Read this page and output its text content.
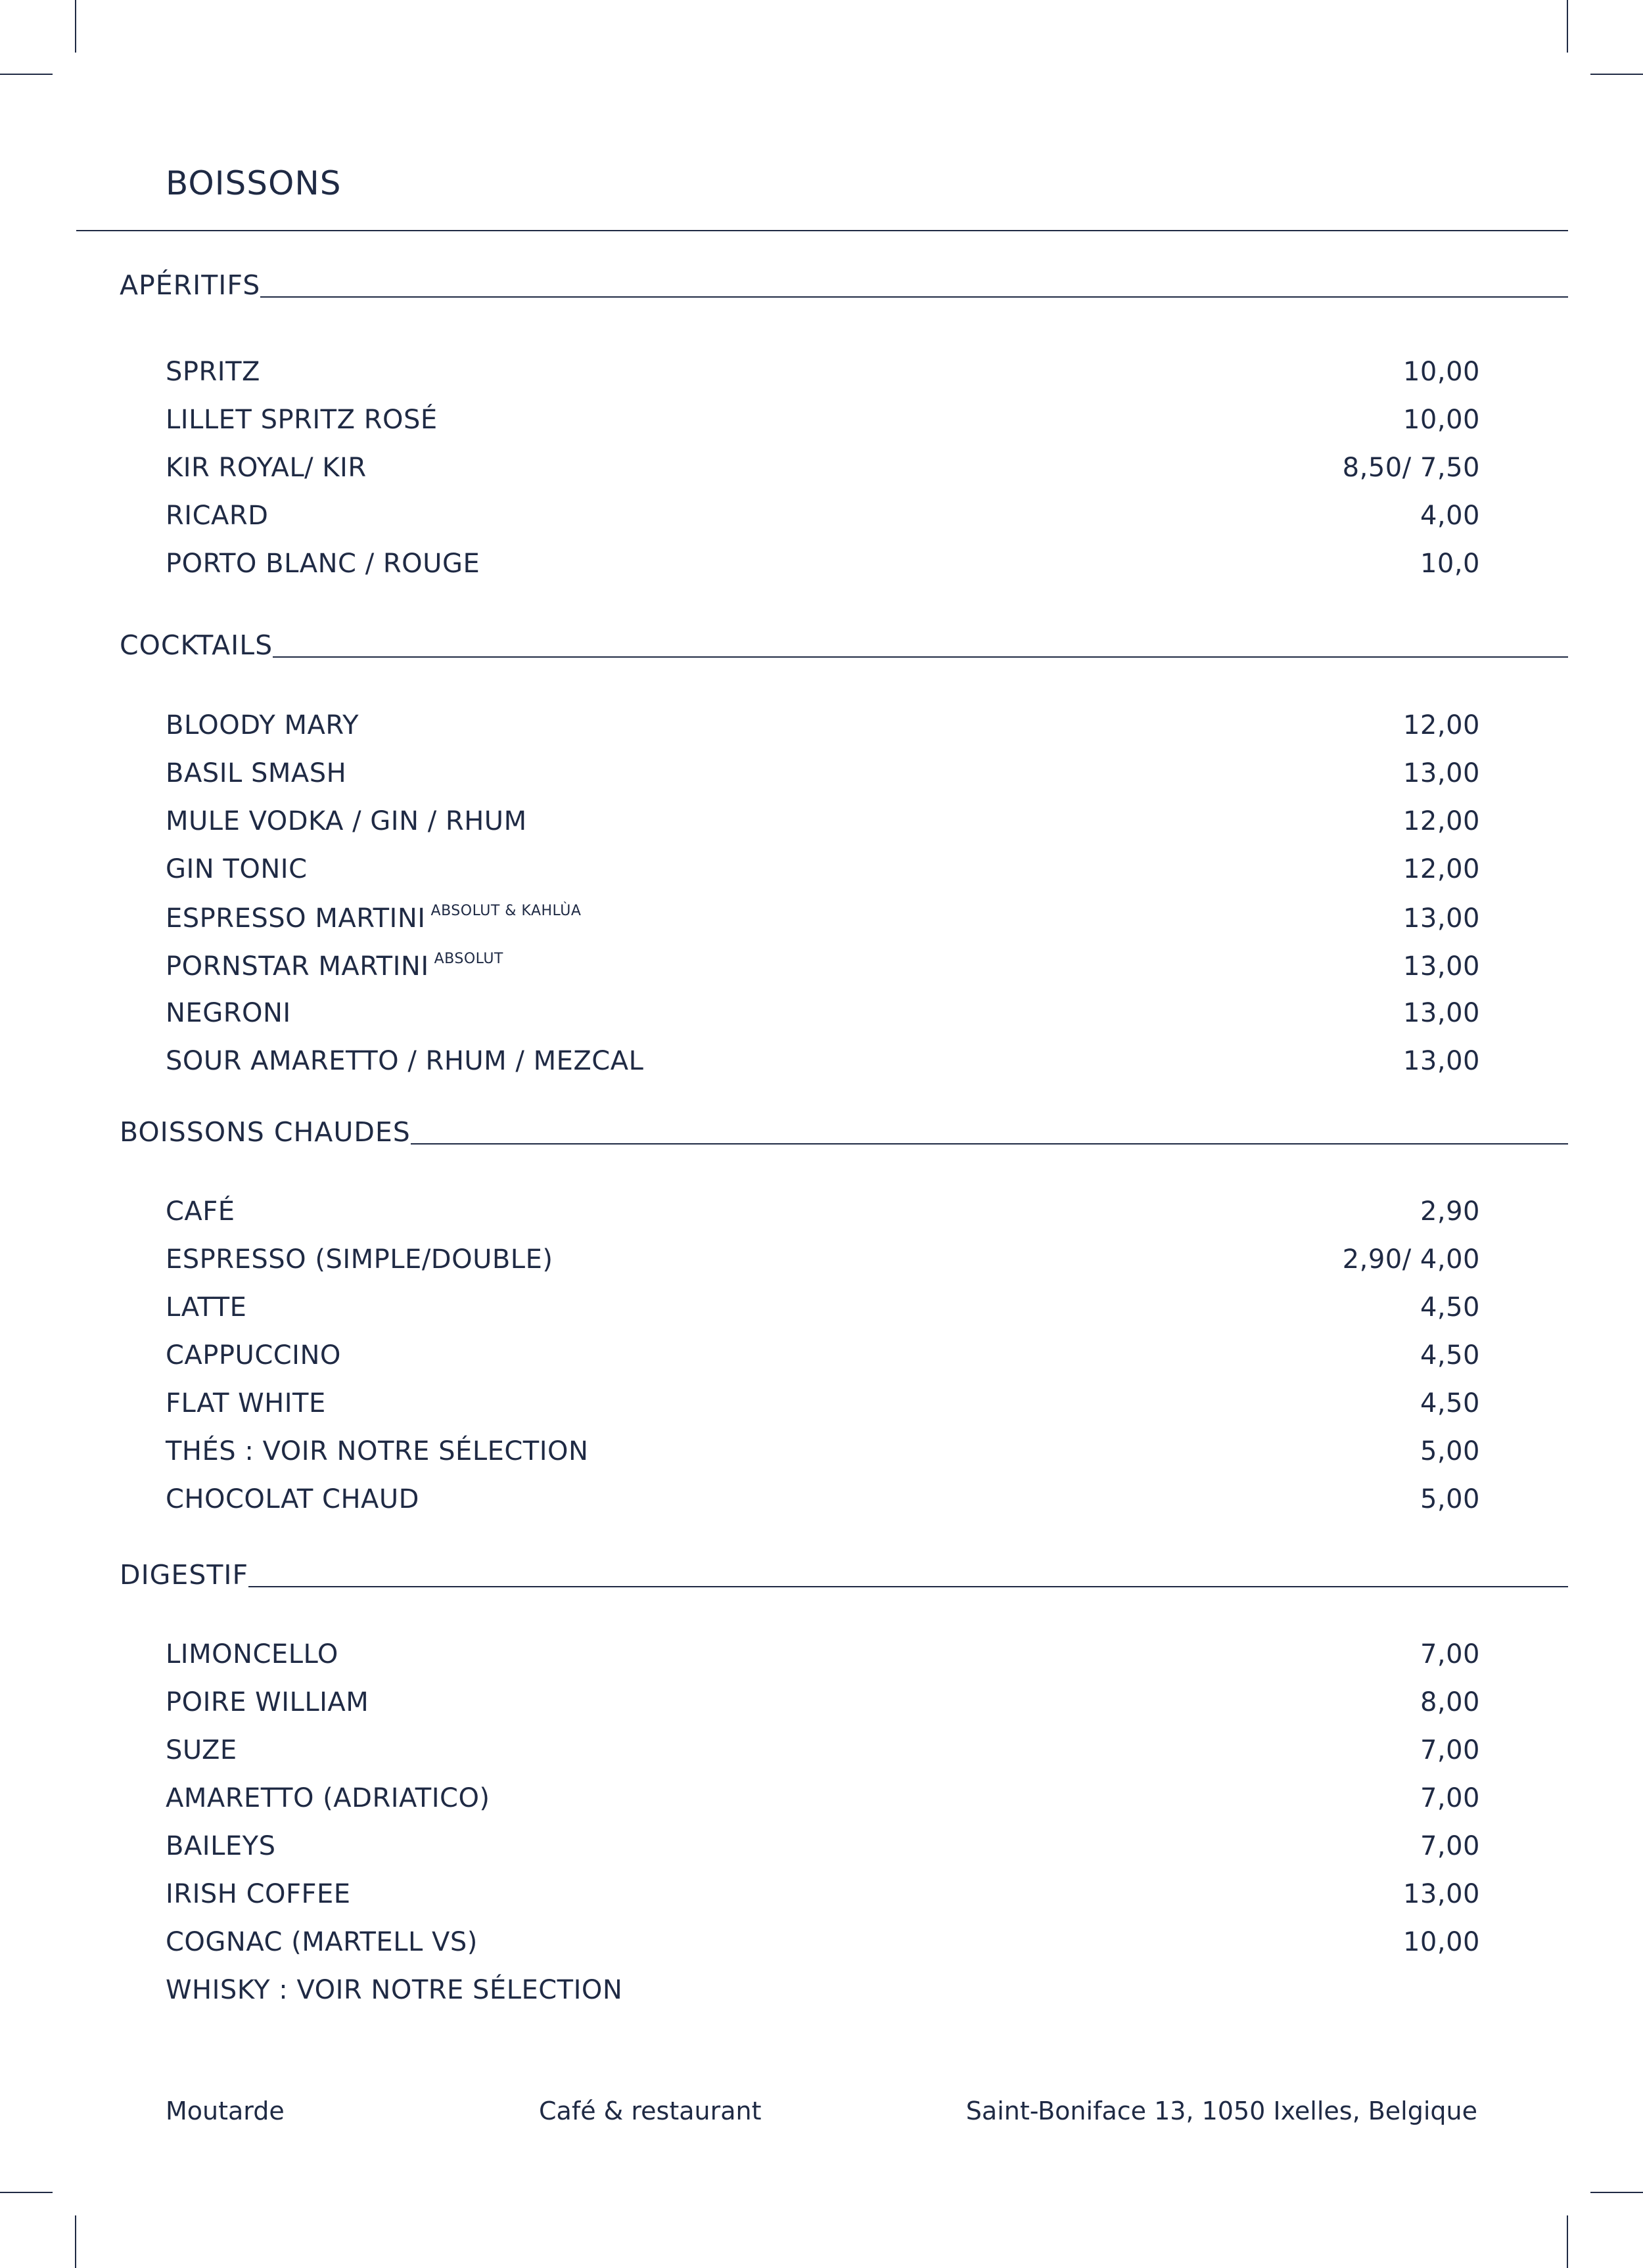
BOISSONS
APÉRITIFS
SPRITZ	10,00
LILLET SPRITZ ROSÉ	10,00
KIR ROYAL/ KIR	8,50/ 7,50
RICARD	4,00
PORTO BLANC / ROUGE	10,0
COCKTAILS
BLOODY MARY	12,00
BASIL SMASH	13,00
MULE VODKA / GIN / RHUM	12,00
GIN TONIC	12,00
ESPRESSO MARTINI $^{ABSOLUT \& KAHLÙA}$	13,00
PORNSTAR MARTINI $^{ABSOLUT}$	13,00
NEGRONI	13,00
SOUR AMARETTO / RHUM / MEZCAL	13,00
BOISSONS CHAUDES
CAFÉ	2,90
ESPRESSO (SIMPLE/DOUBLE)	2,90/ 4,00
LATTE	4,50
CAPPUCCINO	4,50
FLAT WHITE	4,50
THÉS : VOIR NOTRE SÉLECTION	5,00
CHOCOLAT CHAUD	5,00
DIGESTIF
LIMONCELLO	7,00
POIRE WILLIAM	8,00
SUZE	7,00
AMARETTO (ADRIATICO)	7,00
BAILEYS	7,00
IRISH COFFEE	13,00
COGNAC (MARTELL VS)	10,00
WHISKY : VOIR NOTRE SÉLECTION
Moutarde	Café & restaurant	Saint-Boniface 13, 1050 Ixelles, Belgique
